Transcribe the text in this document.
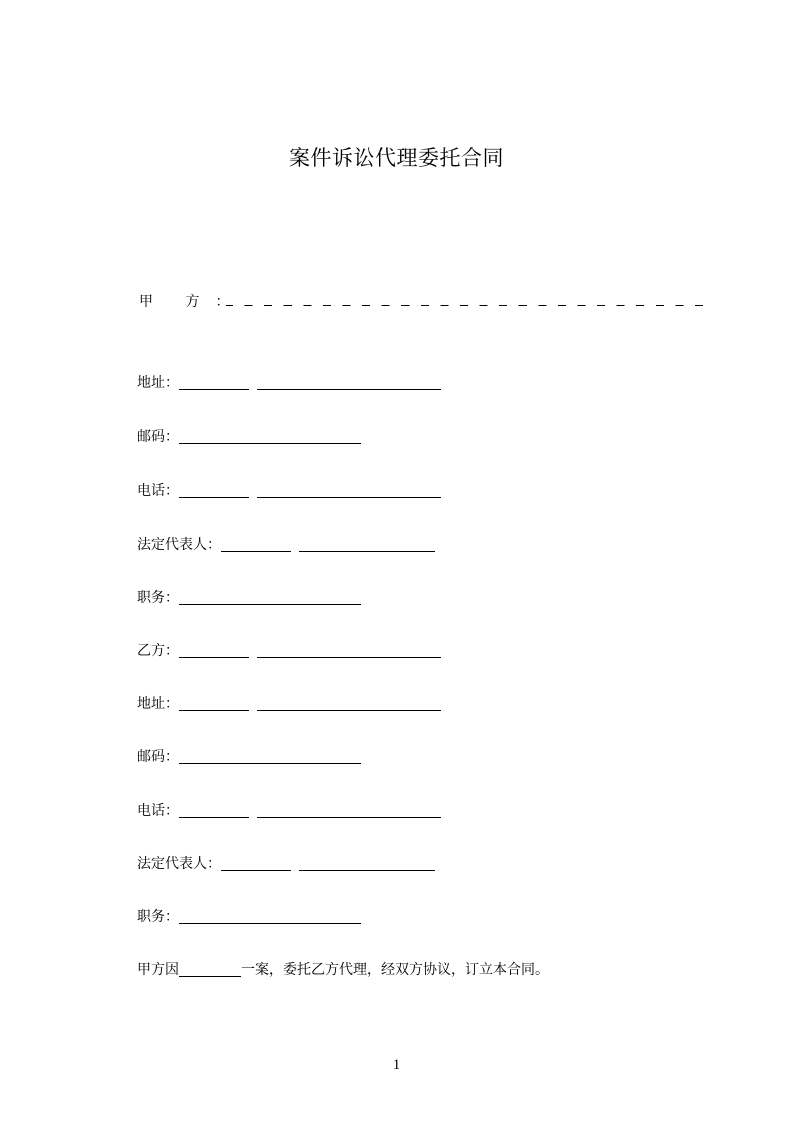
案件诉讼代理委托合同
甲 方 ：
地址：
邮码：
电话：
法定代表人：
职务：
乙方：
地址：
邮码：
电话：
法定代表人：
职务：
甲方因	一案，委托乙方代理，经双方协议，订立本合同。
1
